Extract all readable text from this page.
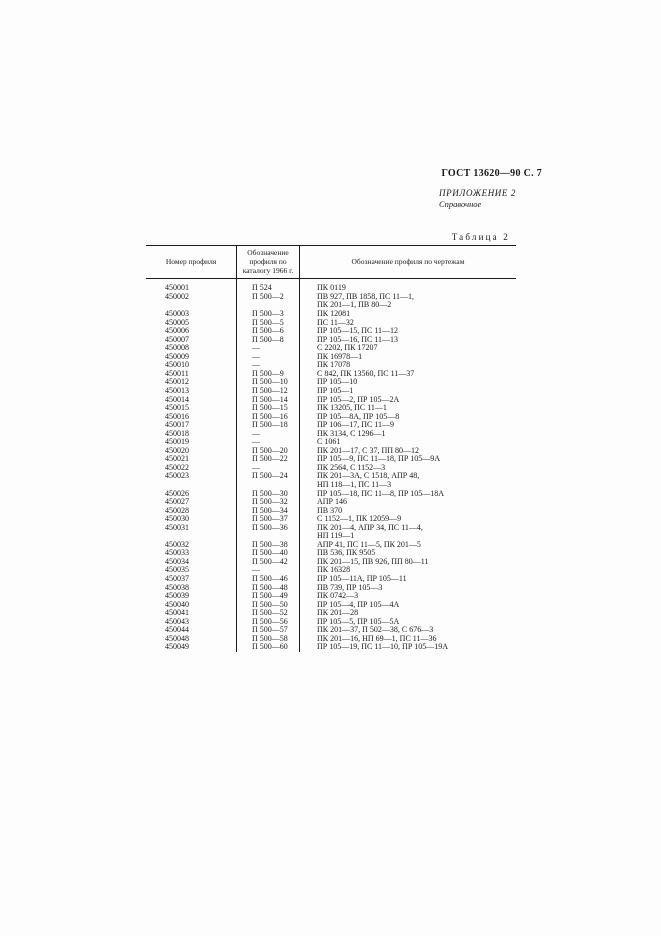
ГОСТ 13620—90 С. 7
ПРИЛОЖЕНИЕ 2
Справочное
Таблица 2
Номер профиля	Обозначение профиля по каталогу 1966 г.	Обозначение профиля по чертежам
450001	П 524	ПК 0119
450002	П 500—2	ПВ 927, ПВ 1858, ПС 11—1,
		ПК 201—1, ПВ 80—2
450003	П 500—3	ПК 12081
450005	П 500—5	ПС 11—32
450006	П 500—6	ПР 105—15, ПС 11—12
450007	П 500—8	ПР 105—16, ПС 11—13
450008	—	С 2202, ПК 17207
450009	—	ПК 16978—1
450010	—	ПК 17078
450011	П 500—9	С 842, ПК 13560, ПС 11—37
450012	П 500—10	ПР 105—10
450013	П 500—12	ПР 105—1
450014	П 500—14	ПР 105—2, ПР 105—2А
450015	П 500—15	ПК 13205, ПС 11—1
450016	П 500—16	ПР 105—8А, ПР 105—8
450017	П 500—18	ПР 106—17, ПС 11—9
450018	—	ПК 3134, С 1296—1
450019	—	С 1061
450020	П 500—20	ПК 201—17, С 37, ПП 80—12
450021	П 500—22	ПР 105—9, ПС 11—18, ПР 105—9А
450022	—	ПК 2564, С 1152—3
450023	П 500—24	ПК 201—3А, С 1518, АПР 48,
		НП 118—1, ПС 11—3
450026	П 500—30	ПР 105—18, ПС 11—8, ПР 105—18А
450027	П 500—32	АПР 146
450028	П 500—34	ПВ 370
450030	П 500—37	С 1152—1, ПК 12059—9
450031	П 500—36	ПК 201—4, АПР 34, ПС 11—4,
		НП 119—1
450032	П 500—38	АПР 41, ПС 11—5, ПК 201—5
450033	П 500—40	ПВ 536, ПК 9505
450034	П 500—42	ПК 201—15, ПВ 926, ПП 80—11
450035	—	ПК 16328
450037	П 500—46	ПР 105—11А, ПР 105—11
450038	П 500—48	ПВ 739, ПР 105—3
450039	П 500—49	ПК 0742—3
450040	П 500—50	ПР 105—4, ПР 105—4А
450041	П 500—52	ПК 201—28
450043	П 500—56	ПР 105—5, ПР 105—5А
450044	П 500—57	ПК 201—37, П 502—38, С 676—3
450048	П 500—58	ПК 201—16, НП 69—1, ПС 11—36
450049	П 500—60	ПР 105—19, ПС 11—10, ПР 105—19А
